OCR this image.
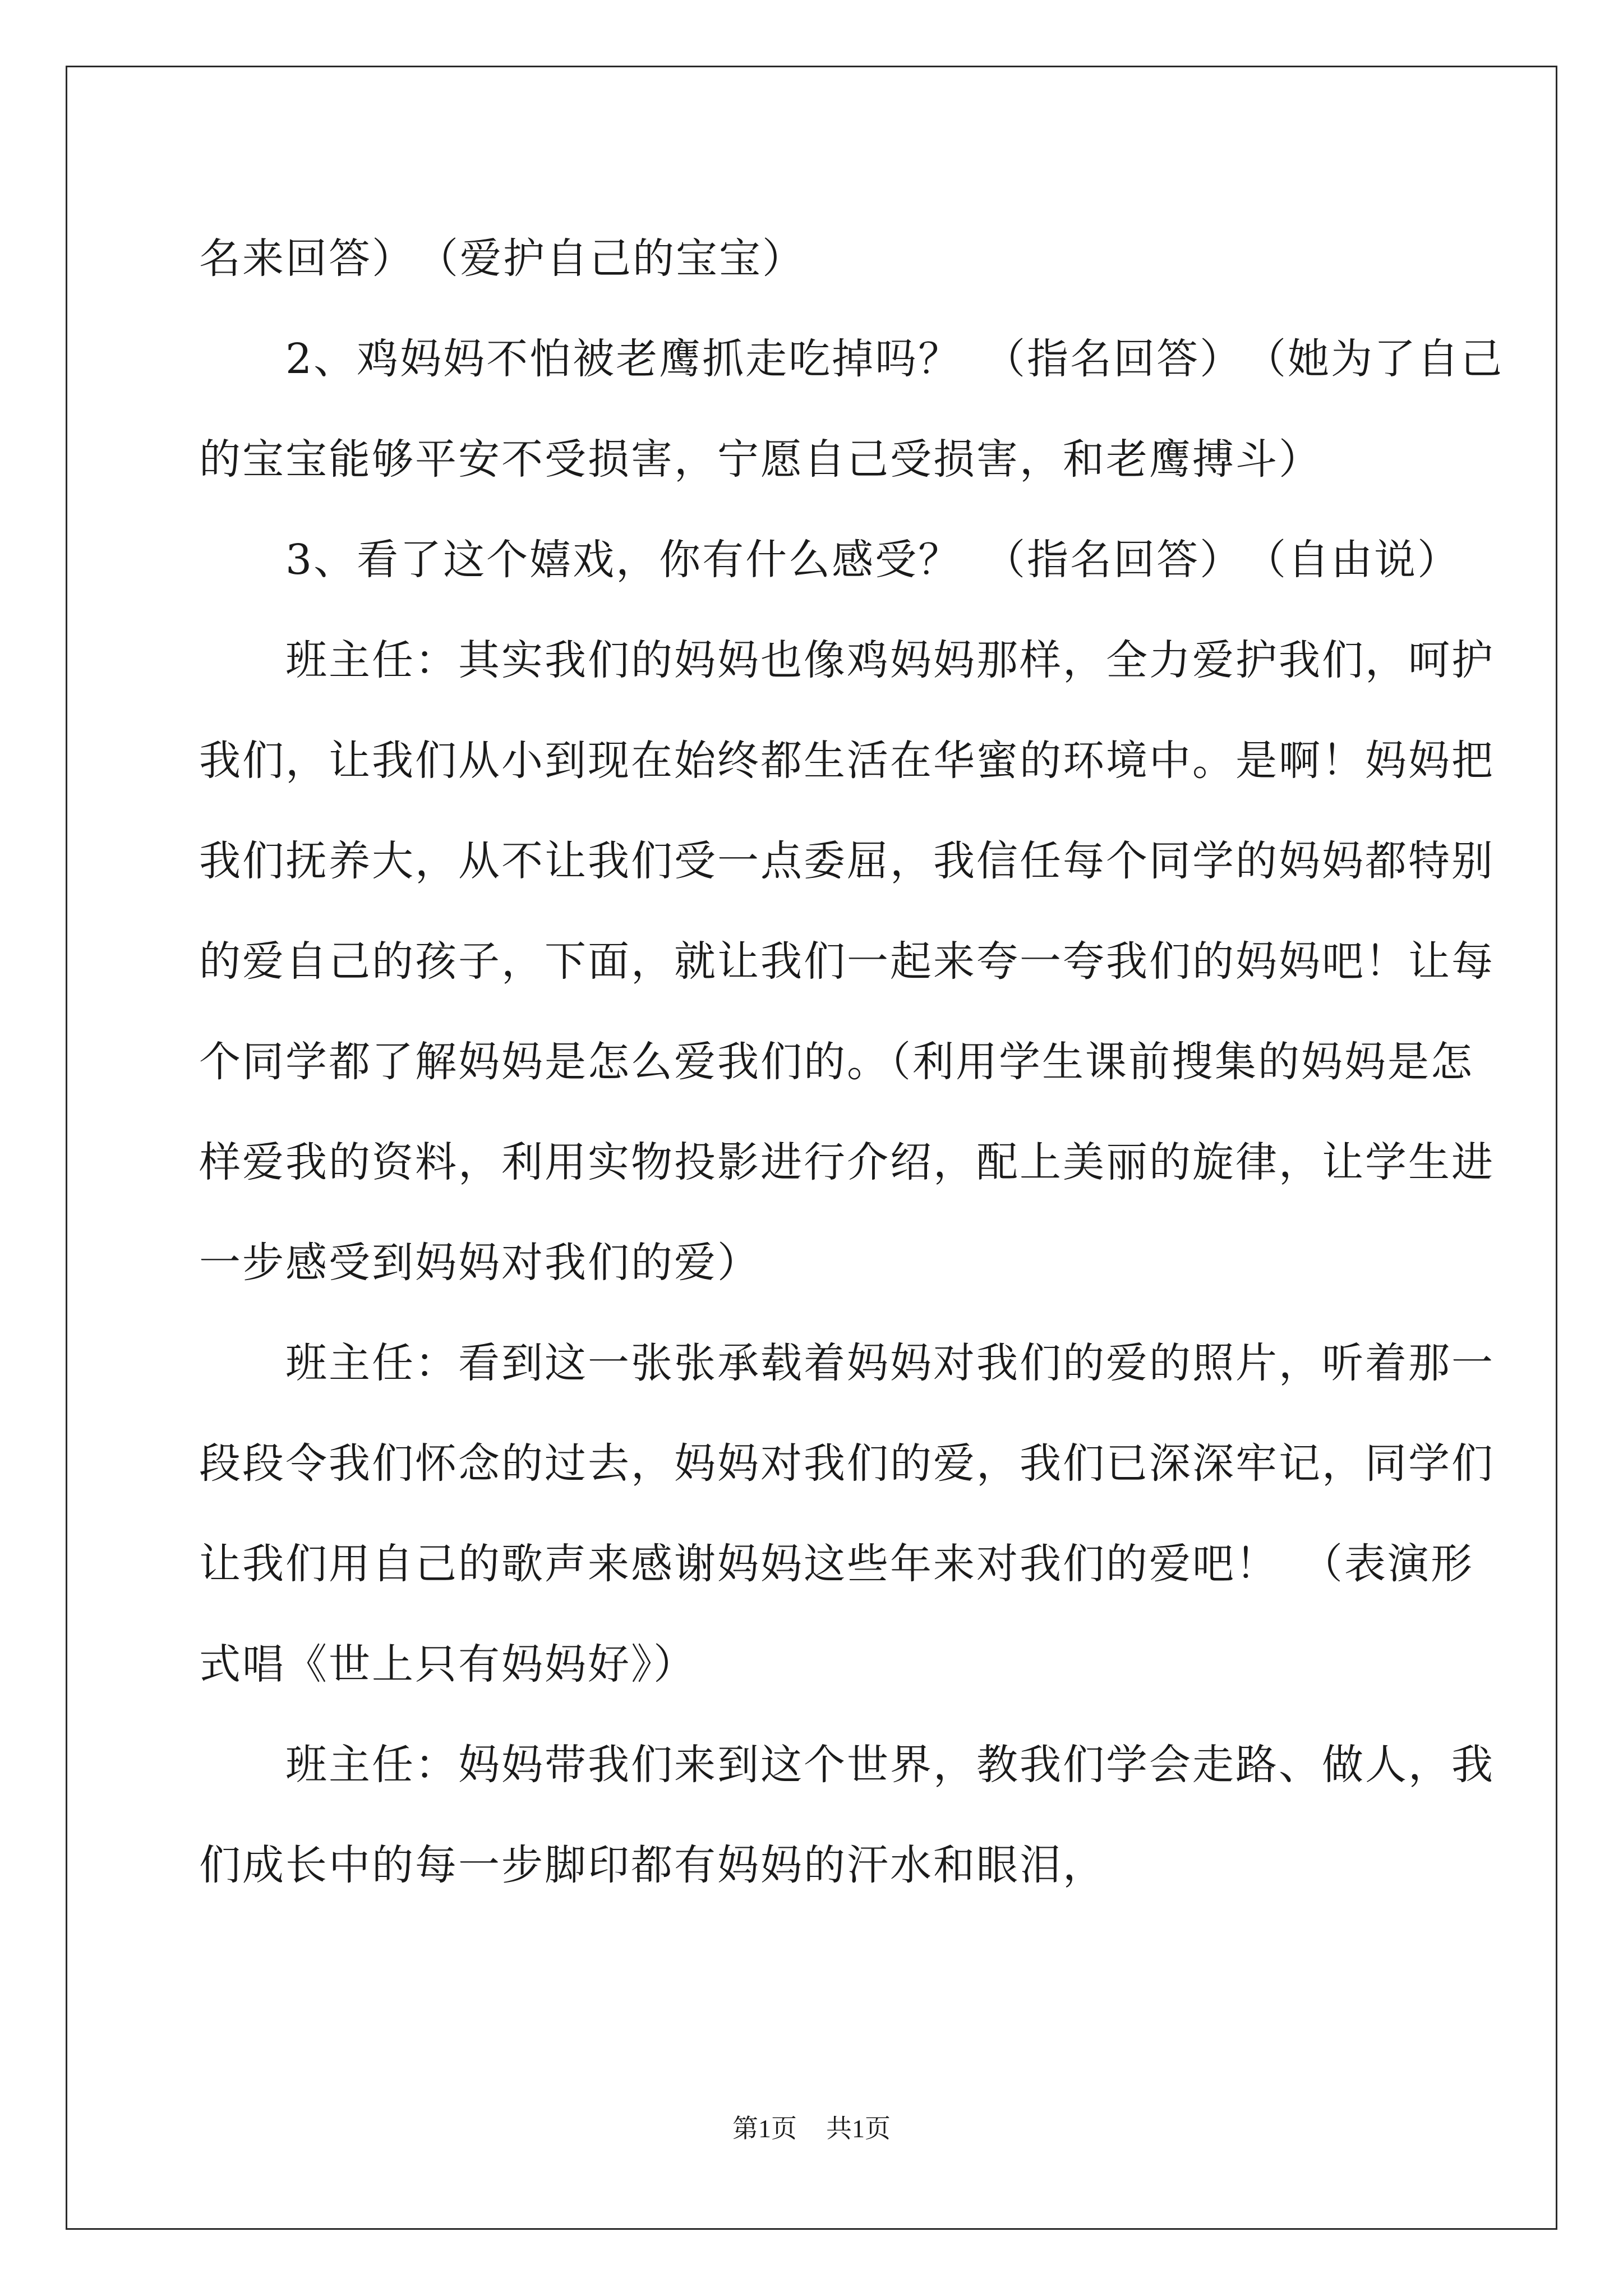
名来回答）　（爱护自己的宝宝）

　　2、鸡妈妈不怕被老鹰抓走吃掉吗？　（指名回答）　（她为了自己

的宝宝能够平安不受损害，宁愿自己受损害，和老鹰搏斗）

　　3、看了这个嬉戏，你有什么感受？　（指名回答）　（自由说）

　　班主任：其实我们的妈妈也像鸡妈妈那样，全力爱护我们，呵护

我们，让我们从小到现在始终都生活在华蜜的环境中。是啊！妈妈把

我们抚养大，从不让我们受一点委屈，我信任每个同学的妈妈都特别

的爱自己的孩子，下面，就让我们一起来夸一夸我们的妈妈吧！让每

个同学都了解妈妈是怎么爱我们的。（利用学生课前搜集的妈妈是怎

样爱我的资料，利用实物投影进行介绍，配上美丽的旋律，让学生进

一步感受到妈妈对我们的爱）

　　班主任：看到这一张张承载着妈妈对我们的爱的照片，听着那一

段段令我们怀念的过去，妈妈对我们的爱，我们已深深牢记，同学们

让我们用自己的歌声来感谢妈妈这些年来对我们的爱吧！　（表演形

式唱《世上只有妈妈好》）

　　班主任：妈妈带我们来到这个世界，教我们学会走路、做人，我

们成长中的每一步脚印都有妈妈的汗水和眼泪，

第1页 共1页
